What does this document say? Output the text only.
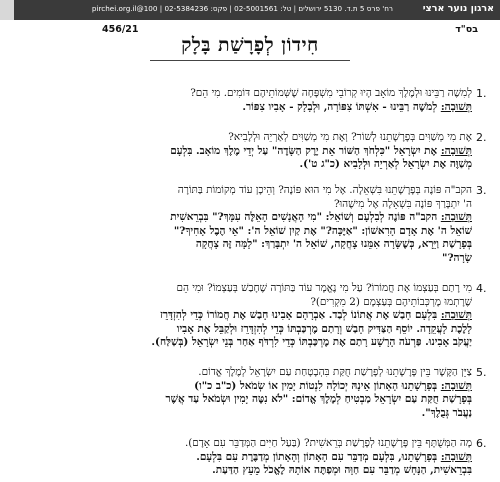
רח' פרס 5 ת.ד. 5130 ירושלים | טל: 02-5001561 | פקס: 02-5384236 | 100@pirchei.org.il	ארגון נוער ארצי
בס"ד
456/21
חִידוֹן לְפָרָשַׁת בָּלָק
1.
לְמִשֶׁה רַבֵּינוּ וּלְמֶלֶךְ מוֹאָב הָיוּ קְרוֹבֵי מִשְׁפָּחָה שֶׁשְּׁמוֹתֵיהֶם דּוֹמִים. מִי הֵם?
תְּשׁוּבָה: לְמֹשֶׁה רַבֵּינוּ - אִשְׁתּוֹ צִפּוֹרָה, וּלְבָלָק - אָבִיו צִפּוֹר.
2.
אֶת מִי מְשַׁוִּים בְּפָרָשָׁתֵנוּ לְשׁוֹר? וְאֶת מִי מְשַׁוִּים לְאַרְיֵה וּלְלָבִיא?
תְּשׁוּבָה: אֶת יִשְׂרָאֵל "כִּלְחֹךְ הַשּׁוֹר אֵת יֶרֶק הַשָּׂדֶה" עַל יְדֵי מֶלֶךְ מוֹאָב. בִּלְעָם
מְשַׁוֶּה אֶת יִשְׂרָאֵל לְאַרְיֵה וּלְלָבִיא (כ"ג ט').
3.
הקב"ה פּוֹנֶה בְּפָרָשָׁתֵנוּ בִּשְׁאֵלָה. אֶל מִי הוּא פּוֹנֶה? וְהֵיכָן עוֹד מְקוֹמוֹת בַּתּוֹרָה
ה' יִתְבָּרַךְ פּוֹנֶה בִּשְׁאֵלָה אֶל מִישֶׁהוּ?
תְּשׁוּבָה: הקב"ה פּוֹנֶה לְבִלְעָם וְשׁוֹאֵל: "מִי הָאֲנָשִׁים הָאֵלֶּה עִמָּךְ?" בִּבְרֵאשִׁית
שׁוֹאֵל ה' אֶת אָדָם הָרִאשׁוֹן: "אַיֶּכָּה?" אֶת קַיִן שׁוֹאֵל ה': "אֵי הֶבֶל אָחִיךָ?"
בְּפָרָשַׁת וַיֵּרָא, כְּשֶׁשָּׂרָה אִמֵּנוּ צָחֲקָה, שׁוֹאֵל ה' יִתְבָּרַךְ: "לָמָּה זֶּה צָחֲקָה
שָׂרָה?"
4.
מִי רָתַם בְּעַצְמוֹ אֶת חֲמוֹרוֹ? עַל מִי נֶאֱמָר עוֹד בַּתּוֹרָה שֶׁחָבַשׁ בְּעַצְמוֹ? וּמִי הֵם
שֶׁרָתְמוּ מֶרְכְּבוֹתֵיהֶם בְּעַצְמָם (2 מִקְרִים)?
תְּשׁוּבָה: בִּלְעָם חָבַשׁ אֶת אֲתוֹנוֹ לְבַד. אַבְרָהָם אָבִינוּ חָבַשׁ אֶת חֲמוֹרוֹ כְּדֵי לְהִזְדָּרֵז
לָלֶכֶת לָעֲקֵדָה. יוֹסֵף הַצַּדִּיק חָבַשׁ וְרָתַם מֶרְכַּבְתּוֹ כְּדֵי לְהִזְדָּרֵז וּלְקַבֵּל אֶת אָבִיו
יַעֲקֹב אָבִינוּ. פַּרְעֹה הָרָשָׁע רָתַם אֶת מֶרְכַּבְתּוֹ כְּדֵי לִרְדֹּף אַחַר בְּנֵי יִשְׂרָאֵל (בְּשַׁלַּח).
5.
צַיֵּן הַקֶּשֶׁר בֵּין פָּרָשָׁתֵנוּ לְפָרָשַׁת חֻקַּת בִּהְבָטָחַת עַם יִשְׂרָאֵל לְמֶלֶךְ אֱדוֹם.
תְּשׁוּבָה: בְּפָרָשָׁתֵנוּ הָאָתוֹן אֵינָהּ יְכוֹלָה לִנְטוֹת יָמִין אוֹ שְׂמֹאל (כ"ב כ"ו)
בְּפָרָשַׁת חֻקַּת עַם יִשְׂרָאֵל מַבְטִיחַ לְמֶלֶךְ אֱדוֹם: "לֹא נִטֶּה יָמִין וּשְׂמֹאל עַד אֲשֶׁר
נַעֲבֹר גְּבֻלֶךָ".
6.
מָה הַמְּשֻׁתָּף בֵּין פָּרָשָׁתֵנוּ לְפָרָשַׁת בְּרֵאשִׁית? (בַּעַל חַיִּים הַמְּדַבֵּר עִם אָדָם).
תְּשׁוּבָה: בְּפָרָשָׁתֵנוּ, בִּלְעָם מְדַבֵּר עִם הָאָתוֹן וְהָאָתוֹן מְדַבֶּרֶת עִם בִּלְעָם.
בִּבְרֵאשִׁית, הַנָּחָשׁ מְדַבֵּר עִם חַוָּה וּמְפַתֶּה אוֹתָהּ לֶאֱכֹל מֵעֵץ הַדַּעַת.
